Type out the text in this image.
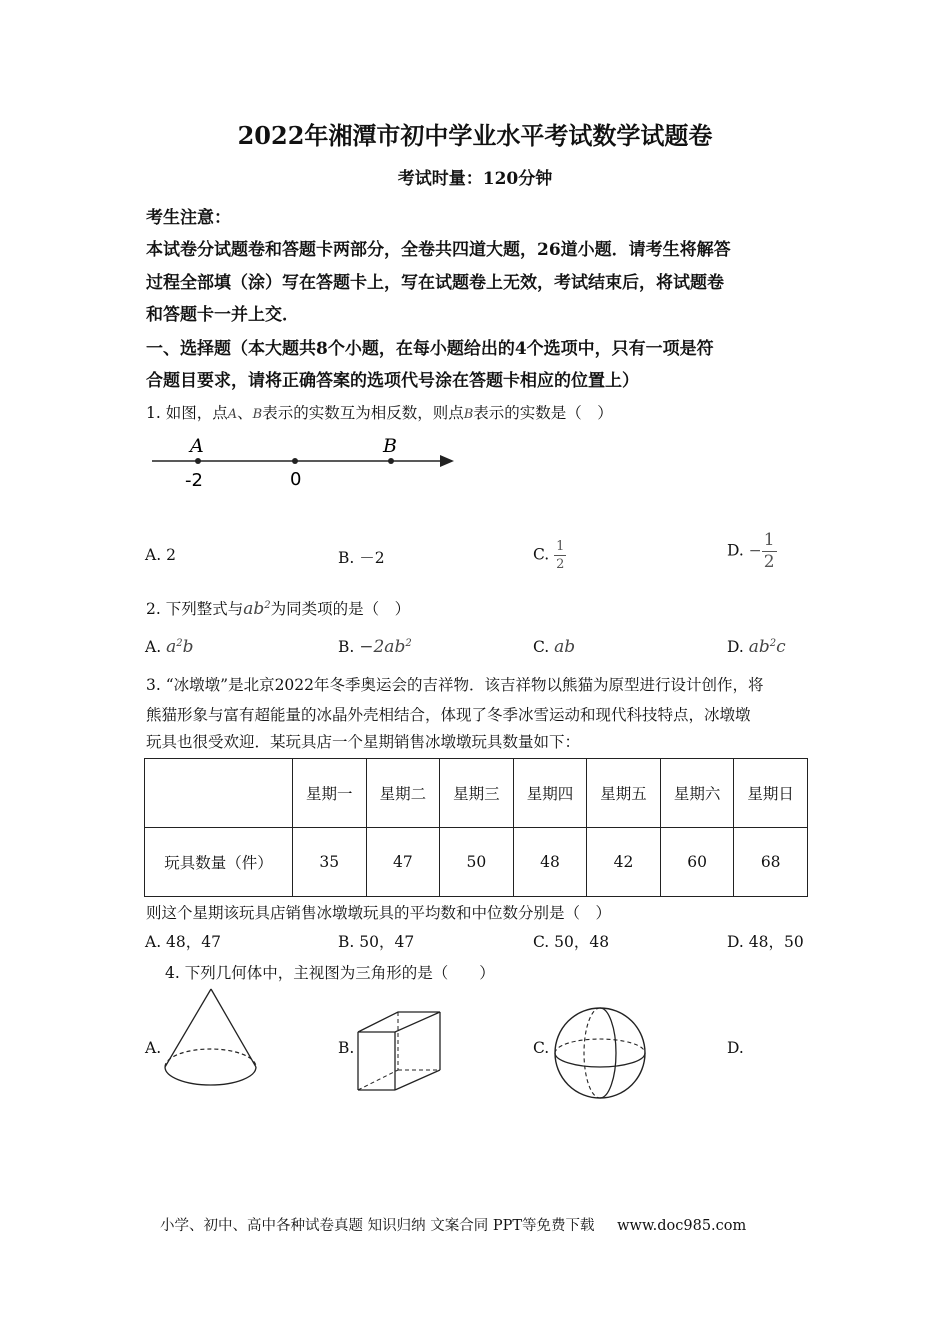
2022年湘潭市初中学业水平考试数学试题卷
考试时量：120分钟
考生注意：
本试卷分试题卷和答题卡两部分，全卷共四道大题，26道小题．请考生将解答
过程全部填（涂）写在答题卡上，写在试题卷上无效，考试结束后，将试题卷
和答题卡一并上交．
一、选择题（本大题共8个小题，在每小题给出的4个选项中，只有一项是符
合题目要求，请将正确答案的选项代号涂在答题卡相应的位置上）
1. 如图，点A、B表示的实数互为相反数，则点B表示的实数是（　）
A	B
-2	0
A. 2	B. －2	C. $\frac{1}{2}$	D. − $\frac{1}{2}$
2. 下列整式与$ab^2$为同类项的是（　）
A. $a^2b$	B. $-2ab^2$	C. ab	D. $ab^2c$
3. “冰墩墩”是北京2022年冬季奥运会的吉祥物．该吉祥物以熊猫为原型进行设计创作，将
熊猫形象与富有超能量的冰晶外壳相结合，体现了冬季冰雪运动和现代科技特点，冰墩墩
玩具也很受欢迎．某玩具店一个星期销售冰墩墩玩具数量如下：
	星期一	星期二	星期三	星期四	星期五	星期六	星期日
玩具数量（件）	35	47	50	48	42	60	68
则这个星期该玩具店销售冰墩墩玩具的平均数和中位数分别是（　）
A. 48，47	B. 50，47	C. 50，48	D. 48，50
4. 下列几何体中，主视图为三角形的是（　　）
A.	B.	C.	D.
小学、初中、高中各种试卷真题 知识归纳 文案合同 PPT等免费下载 www.doc985.com
